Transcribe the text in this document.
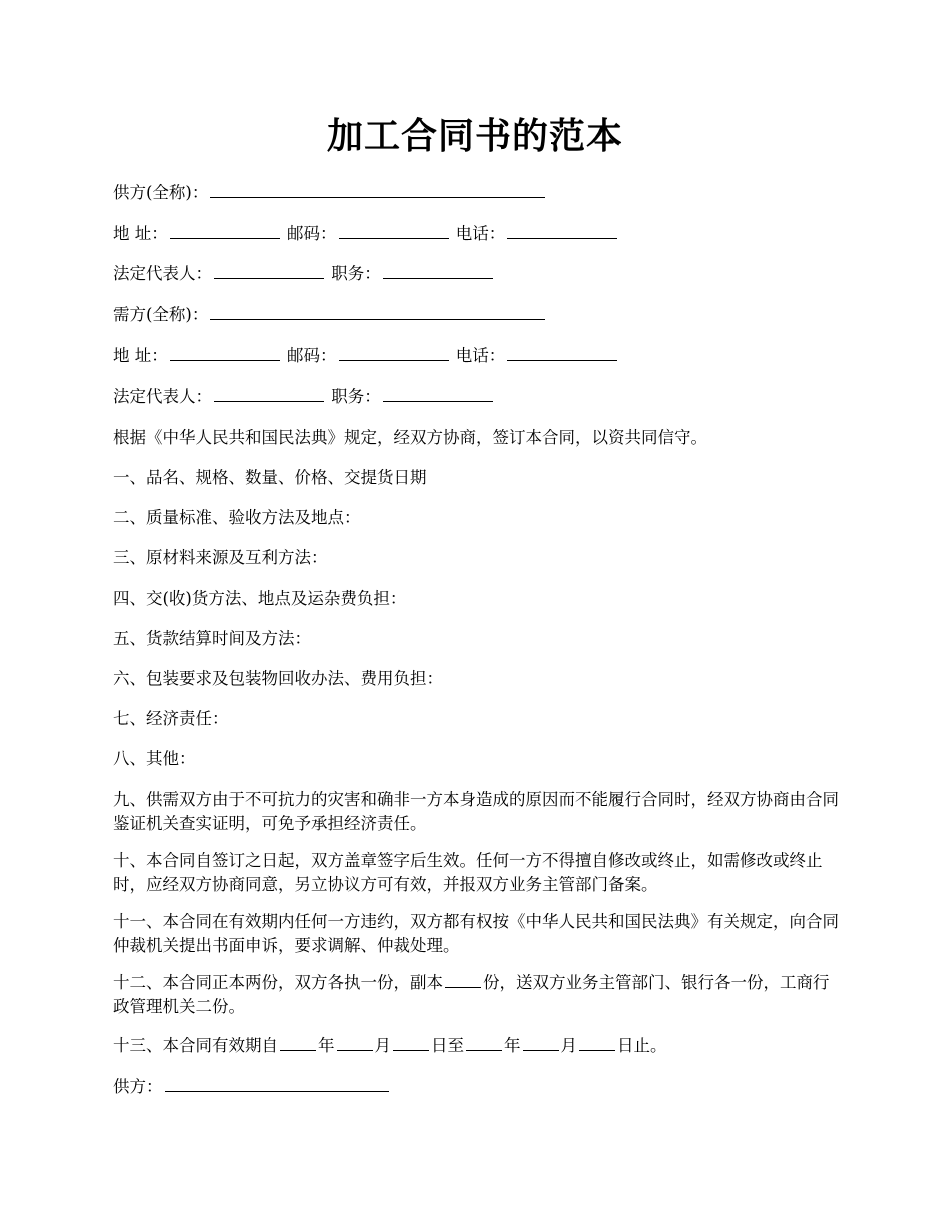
加工合同书的范本
供方(全称)：
地 址：	邮码：	电话：
法定代表人：	职务：
需方(全称)：
地 址：	邮码：	电话：
法定代表人：	职务：
根据《中华人民共和国民法典》规定，经双方协商，签订本合同，以资共同信守。
一、品名、规格、数量、价格、交提货日期
二、质量标准、验收方法及地点：
三、原材料来源及互利方法：
四、交(收)货方法、地点及运杂费负担：
五、货款结算时间及方法：
六、包装要求及包装物回收办法、费用负担：
七、经济责任：
八、其他：
九、供需双方由于不可抗力的灾害和确非一方本身造成的原因而不能履行合同时，经双方协商由合同鉴证机关查实证明，可免予承担经济责任。
十、本合同自签订之日起，双方盖章签字后生效。任何一方不得擅自修改或终止，如需修改或终止时，应经双方协商同意，另立协议方可有效，并报双方业务主管部门备案。
十一、本合同在有效期内任何一方违约，双方都有权按《中华人民共和国民法典》有关规定，向合同仲裁机关提出书面申诉，要求调解、仲裁处理。
十二、本合同正本两份，双方各执一份，副本 份，送双方业务主管部门、银行各一份，工商行政管理机关二份。
十三、本合同有效期自 年 月 日至 年 月 日止。
供方：
